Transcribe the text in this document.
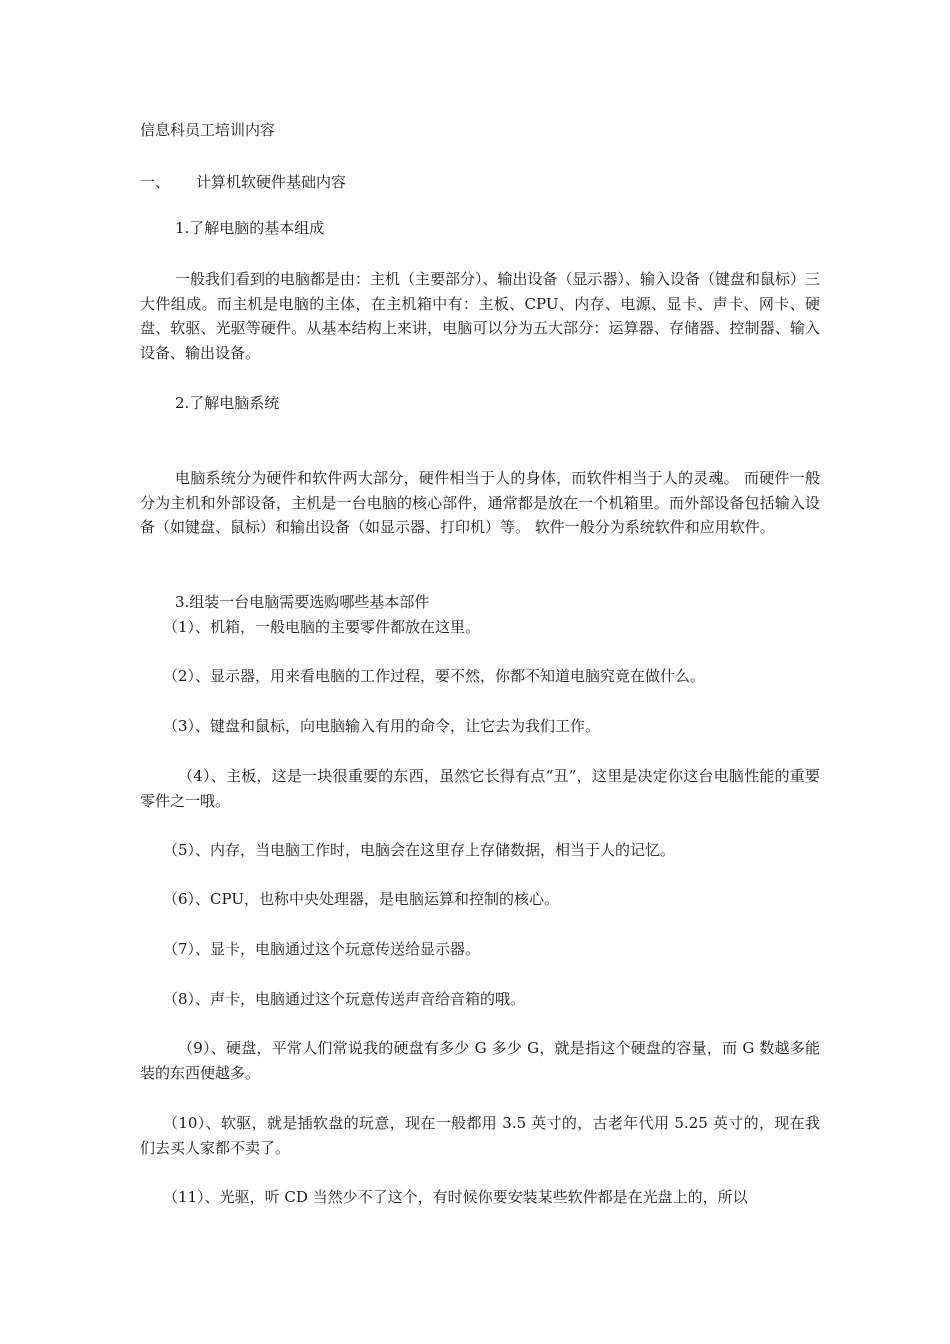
信息科员工培训内容
一、 计算机软硬件基础内容
1.了解电脑的基本组成
一般我们看到的电脑都是由：主机（主要部分）、输出设备（显示器）、输入设备（键盘和鼠标）三大件组成。而主机是电脑的主体，在主机箱中有：主板、CPU、内存、电源、显卡、声卡、网卡、硬盘、软驱、光驱等硬件。从基本结构上来讲，电脑可以分为五大部分：运算器、存储器、控制器、输入设备、输出设备。
2.了解电脑系统
电脑系统分为硬件和软件两大部分，硬件相当于人的身体，而软件相当于人的灵魂。 而硬件一般分为主机和外部设备，主机是一台电脑的核心部件，通常都是放在一个机箱里。而外部设备包括输入设备（如键盘、鼠标）和输出设备（如显示器、打印机）等。 软件一般分为系统软件和应用软件。
3.组装一台电脑需要选购哪些基本部件
（1）、机箱，一般电脑的主要零件都放在这里。
（2）、显示器，用来看电脑的工作过程，要不然，你都不知道电脑究竟在做什么。
（3）、键盘和鼠标，向电脑输入有用的命令，让它去为我们工作。
（4）、主板，这是一块很重要的东西，虽然它长得有点“丑”，这里是决定你这台电脑性能的重要零件之一哦。
（5）、内存，当电脑工作时，电脑会在这里存上存储数据，相当于人的记忆。
（6）、CPU，也称中央处理器，是电脑运算和控制的核心。
（7）、显卡，电脑通过这个玩意传送给显示器。
（8）、声卡，电脑通过这个玩意传送声音给音箱的哦。
（9）、硬盘，平常人们常说我的硬盘有多少 G 多少 G，就是指这个硬盘的容量，而 G 数越多能装的东西便越多。
（10）、软驱，就是插软盘的玩意，现在一般都用 3.5 英寸的，古老年代用 5.25 英寸的，现在我们去买人家都不卖了。
（11）、光驱，听 CD 当然少不了这个，有时候你要安装某些软件都是在光盘上的，所以
